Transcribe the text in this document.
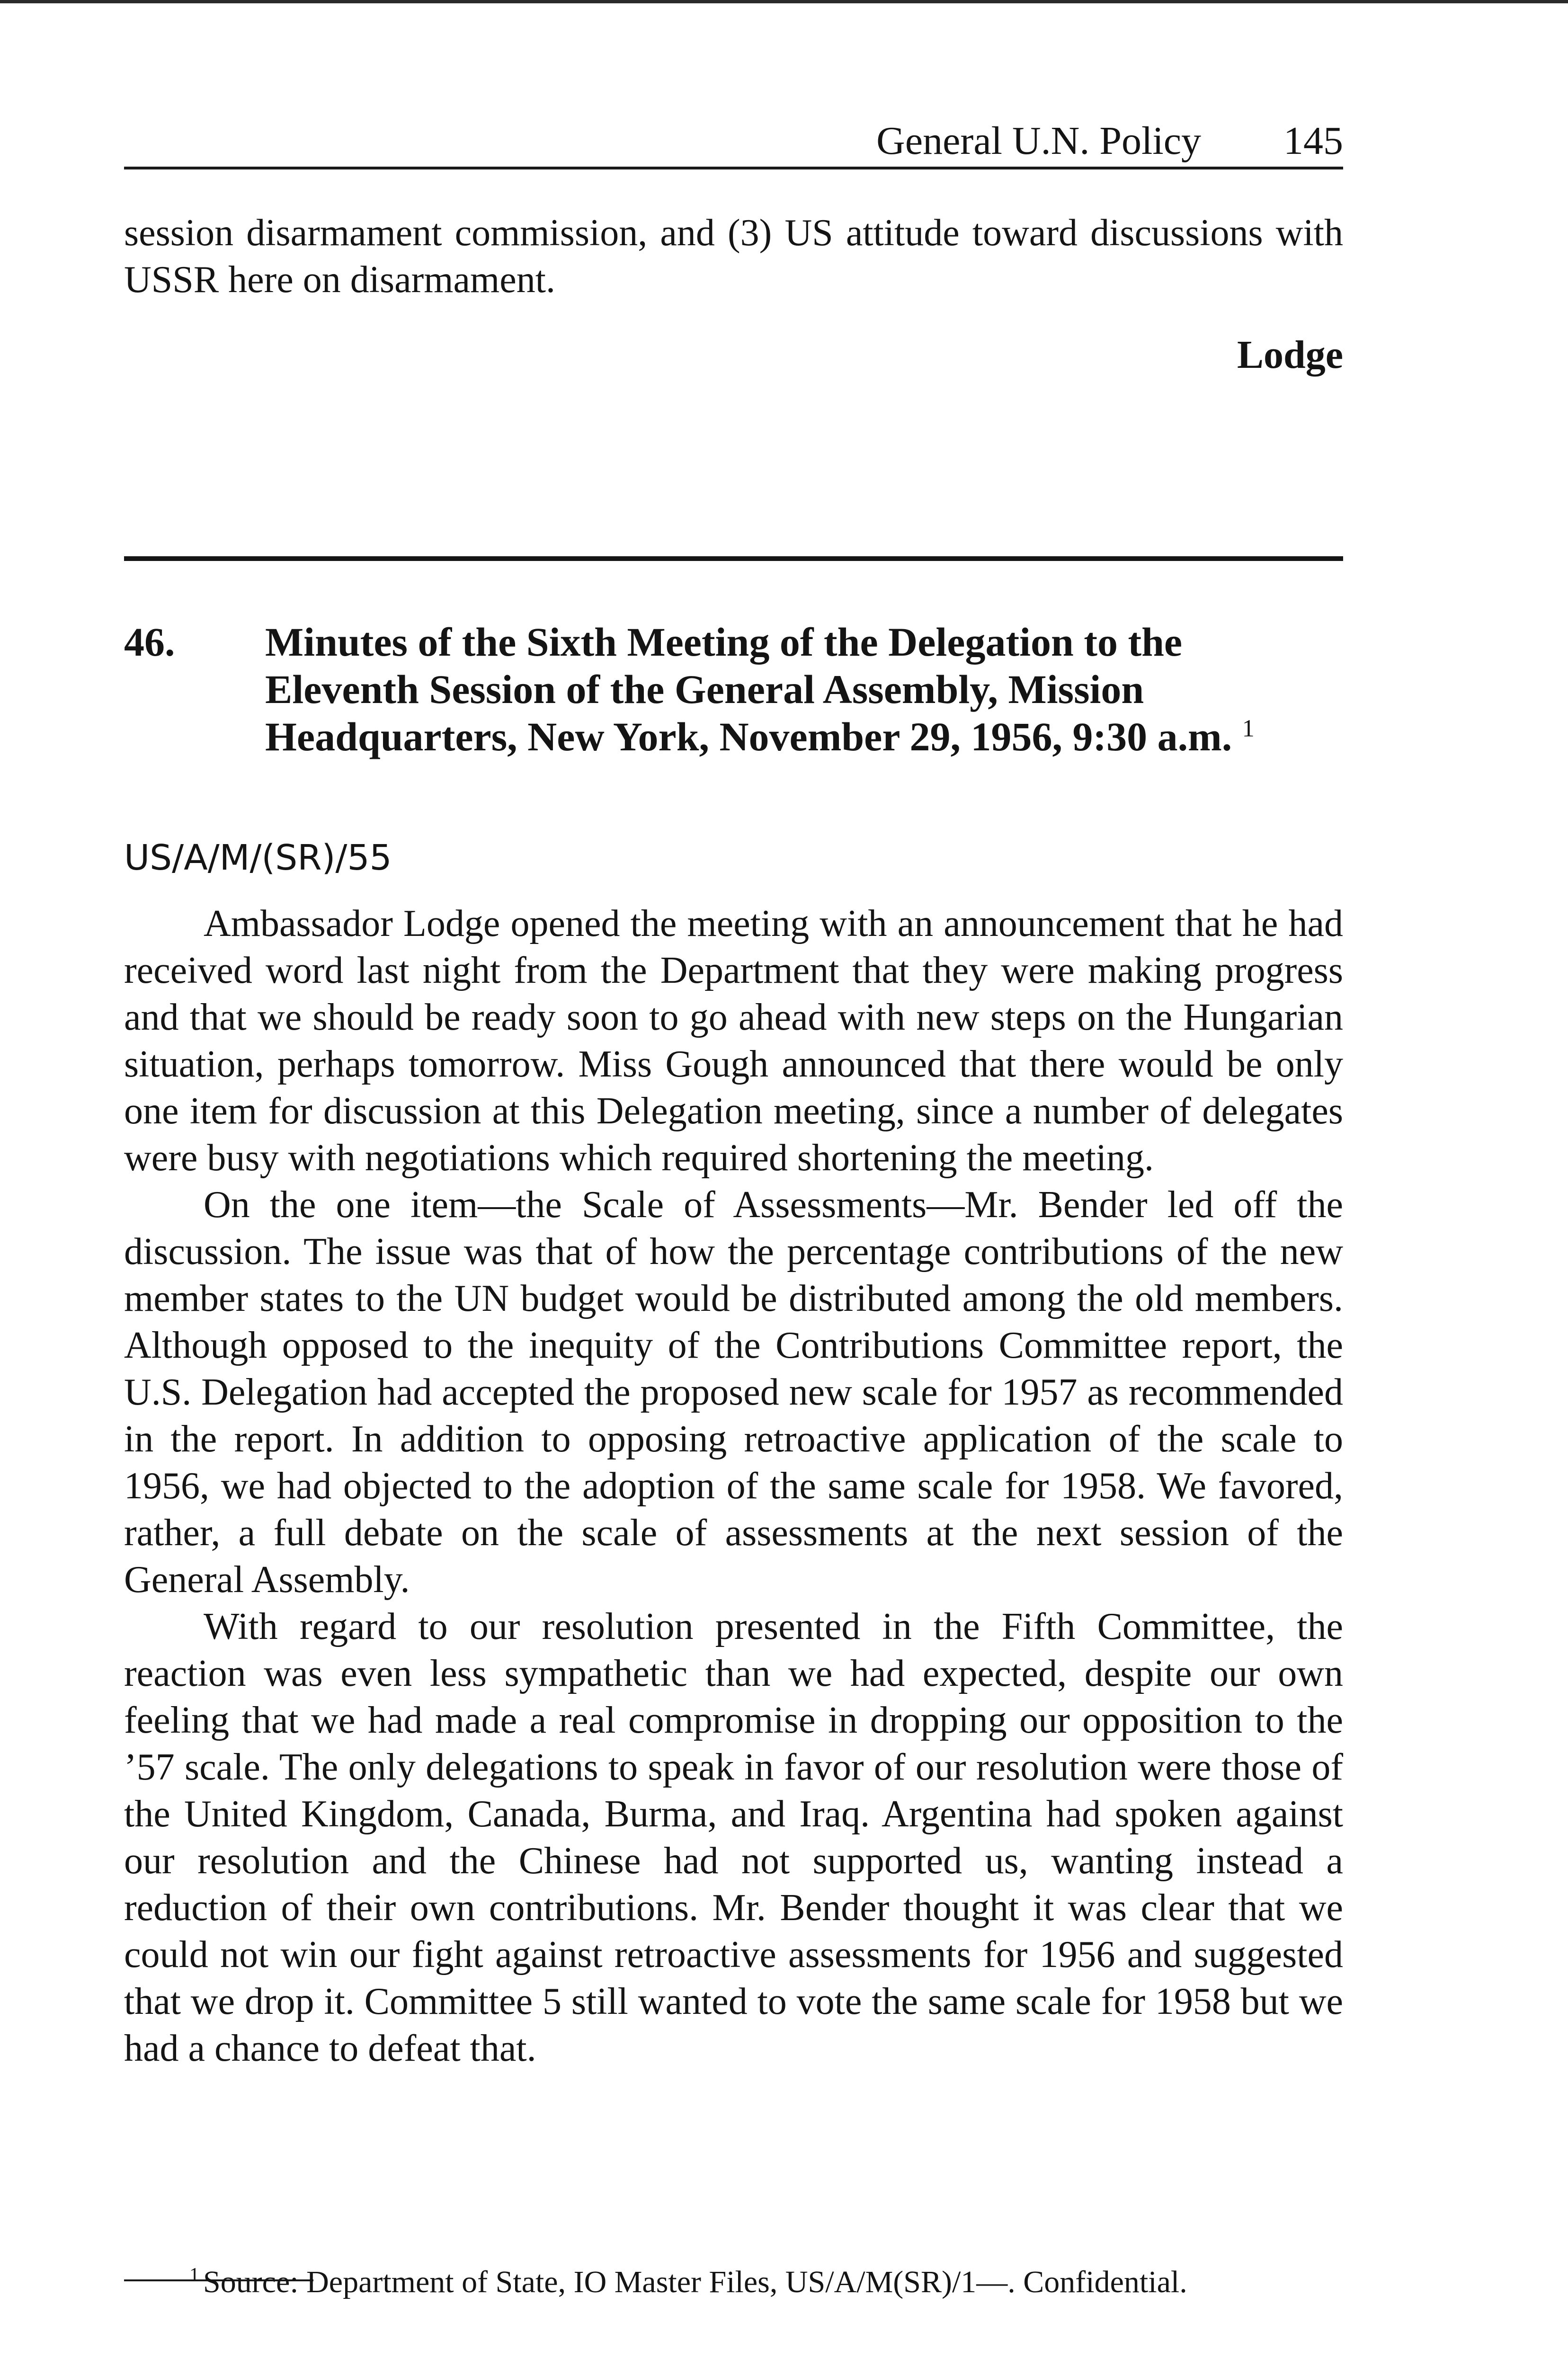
General U.N. Policy 145

session disarmament commission, and (3) US attitude toward discussions with USSR here on disarmament.

Lodge
46. Minutes of the Sixth Meeting of the Delegation to the Eleventh Session of the General Assembly, Mission Headquarters, New York, November 29, 1956, 9:30 a.m. $^1$
US/A/M/(SR)/55

Ambassador Lodge opened the meeting with an announcement that he had received word last night from the Department that they were making progress and that we should be ready soon to go ahead with new steps on the Hungarian situation, perhaps tomorrow. Miss Gough announced that there would be only one item for discussion at this Delegation meeting, since a number of delegates were busy with negotiations which required shortening the meeting.

On the one item—the Scale of Assessments—Mr. Bender led off the discussion. The issue was that of how the percentage contributions of the new member states to the UN budget would be distributed among the old members. Although opposed to the inequity of the Contributions Committee report, the U.S. Delegation had accepted the proposed new scale for 1957 as recommended in the report. In addition to opposing retroactive application of the scale to 1956, we had objected to the adoption of the same scale for 1958. We favored, rather, a full debate on the scale of assessments at the next session of the General Assembly.

With regard to our resolution presented in the Fifth Committee, the reaction was even less sympathetic than we had expected, despite our own feeling that we had made a real compromise in dropping our opposition to the ’57 scale. The only delegations to speak in favor of our resolution were those of the United Kingdom, Canada, Burma, and Iraq. Argentina had spoken against our resolution and the Chinese had not supported us, wanting instead a reduction of their own contributions. Mr. Bender thought it was clear that we could not win our fight against retroactive assessments for 1956 and suggested that we drop it. Committee 5 still wanted to vote the same scale for 1958 but we had a chance to defeat that.

$^1$ Source: Department of State, IO Master Files, US/A/M(SR)/1—. Confidential.
